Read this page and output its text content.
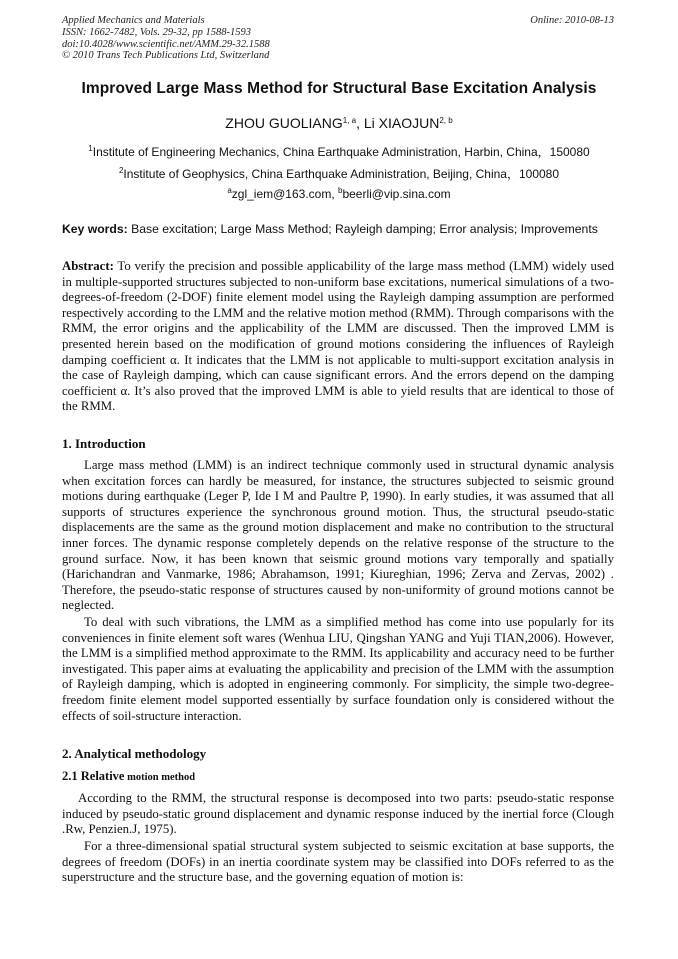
Applied Mechanics and Materials
ISSN: 1662-7482, Vols. 29-32, pp 1588-1593
doi:10.4028/www.scientific.net/AMM.29-32.1588
© 2010 Trans Tech Publications Ltd, Switzerland
Online: 2010-08-13
Improved Large Mass Method for Structural Base Excitation Analysis
ZHOU GUOLIANG$^{1, a}$, Li XIAOJUN$^{2, b}$
$^1$Institute of Engineering Mechanics, China Earthquake Administration, Harbin, China，150080
$^2$Institute of Geophysics, China Earthquake Administration, Beijing, China，100080
$^a$zgl_iem@163.com, $^b$beerli@vip.sina.com
Key words: Base excitation; Large Mass Method; Rayleigh damping; Error analysis; Improvements
Abstract: To verify the precision and possible applicability of the large mass method (LMM) widely used in multiple-supported structures subjected to non-uniform base excitations, numerical simulations of a two-degrees-of-freedom (2-DOF) finite element model using the Rayleigh damping assumption are performed respectively according to the LMM and the relative motion method (RMM). Through comparisons with the RMM, the error origins and the applicability of the LMM are discussed. Then the improved LMM is presented herein based on the modification of ground motions considering the influences of Rayleigh damping coefficient α. It indicates that the LMM is not applicable to multi-support excitation analysis in the case of Rayleigh damping, which can cause significant errors. And the errors depend on the damping coefficient α. It’s also proved that the improved LMM is able to yield results that are identical to those of the RMM.
1. Introduction
Large mass method (LMM) is an indirect technique commonly used in structural dynamic analysis when excitation forces can hardly be measured, for instance, the structures subjected to seismic ground motions during earthquake (Leger P, Ide I M and Paultre P, 1990). In early studies, it was assumed that all supports of structures experience the synchronous ground motion. Thus, the structural pseudo-static displacements are the same as the ground motion displacement and make no contribution to the structural inner forces. The dynamic response completely depends on the relative response of the structure to the ground surface. Now, it has been known that seismic ground motions vary temporally and spatially (Harichandran and Vanmarke, 1986; Abrahamson, 1991; Kiureghian, 1996; Zerva and Zervas, 2002) . Therefore, the pseudo-static response of structures caused by non-uniformity of ground motions cannot be neglected.
To deal with such vibrations, the LMM as a simplified method has come into use popularly for its conveniences in finite element soft wares (Wenhua LIU, Qingshan YANG and Yuji TIAN,2006). However, the LMM is a simplified method approximate to the RMM. Its applicability and accuracy need to be further investigated. This paper aims at evaluating the applicability and precision of the LMM with the assumption of Rayleigh damping, which is adopted in engineering commonly. For simplicity, the simple two-degree-freedom finite element model supported essentially by surface foundation only is considered without the effects of soil-structure interaction.
2. Analytical methodology
2.1 Relative motion method
According to the RMM, the structural response is decomposed into two parts: pseudo-static response induced by pseudo-static ground displacement and dynamic response induced by the inertial force (Clough .Rw, Penzien.J, 1975).
For a three-dimensional spatial structural system subjected to seismic excitation at base supports, the degrees of freedom (DOFs) in an inertia coordinate system may be classified into DOFs referred to as the superstructure and the structure base, and the governing equation of motion is:
